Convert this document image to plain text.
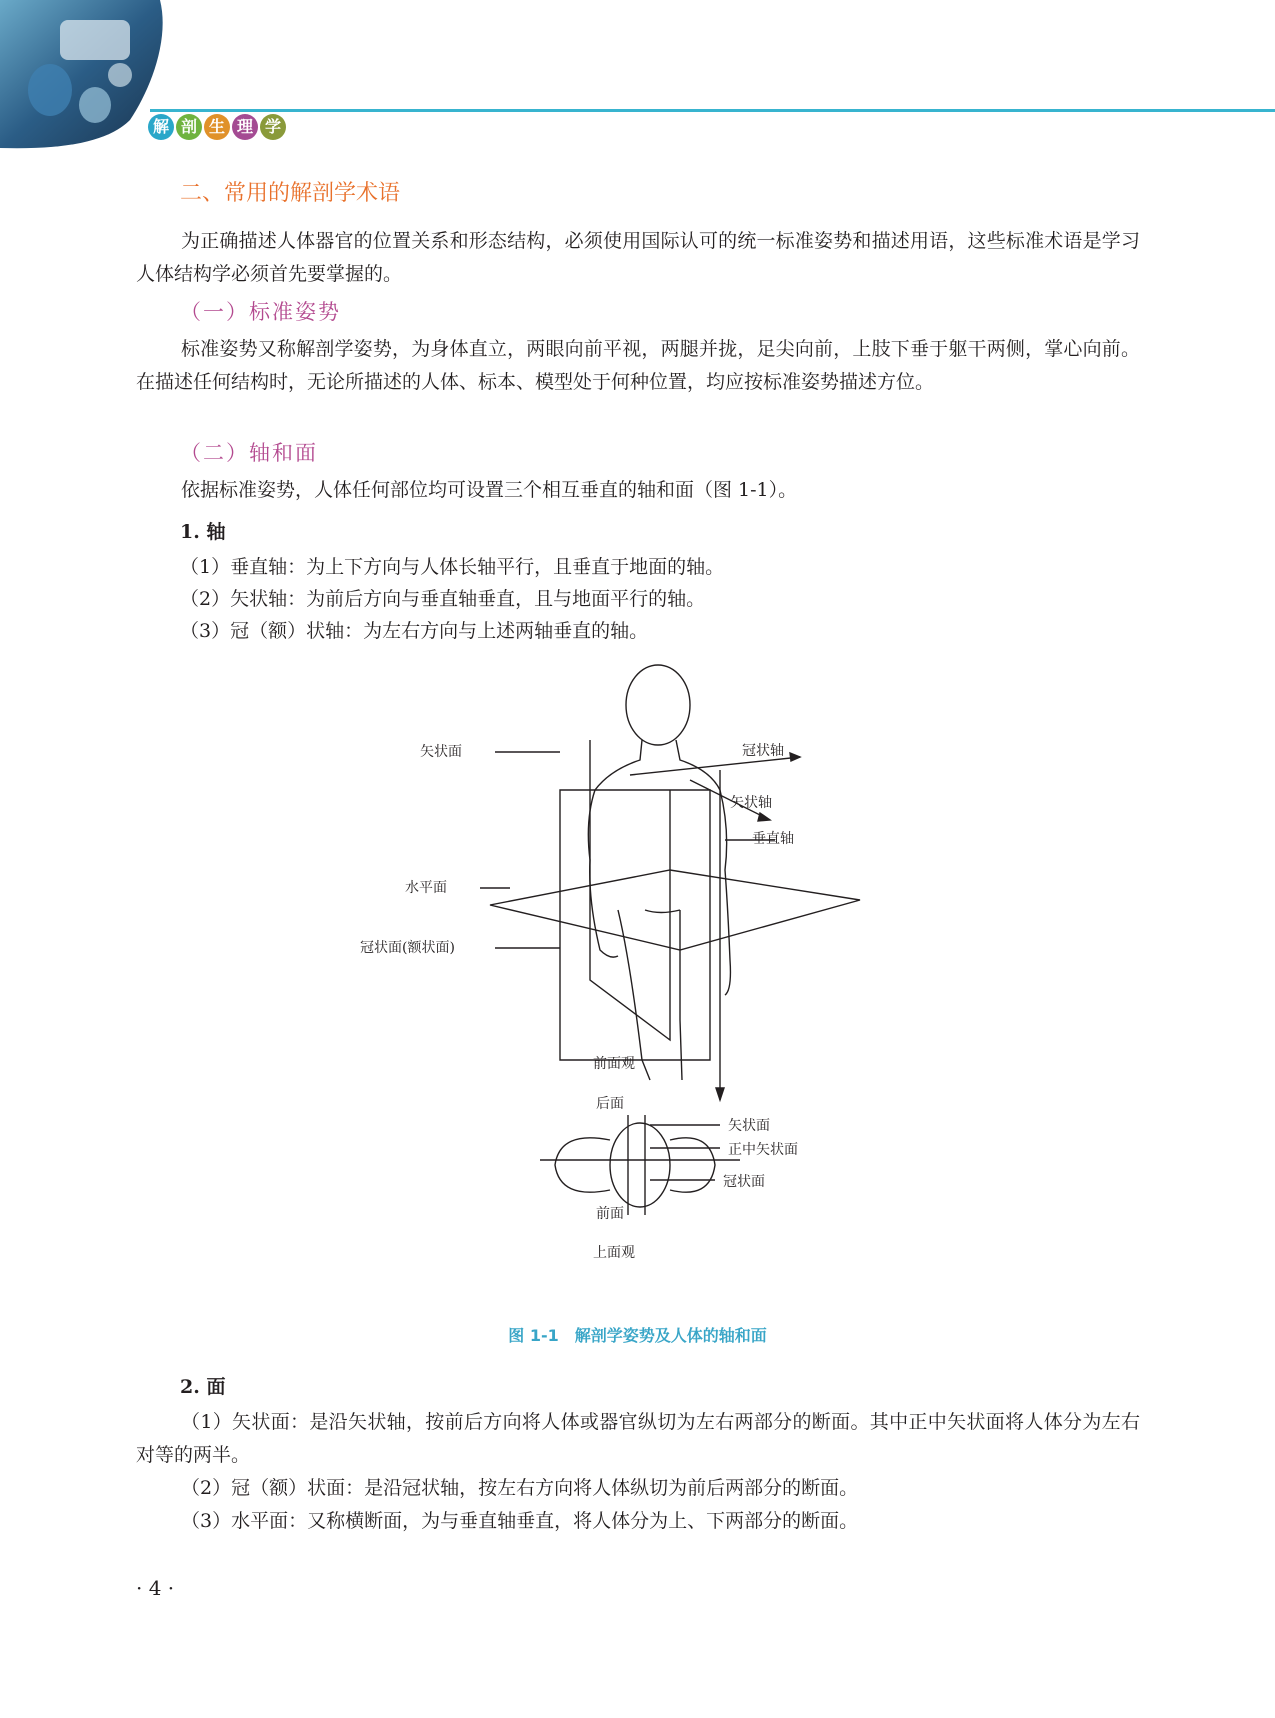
解 剖 生 理 学
二、常用的解剖学术语

为正确描述人体器官的位置关系和形态结构，必须使用国际认可的统一标准姿势和描述用语，这些标准术语是学习人体结构学必须首先要掌握的。

（一）标准姿势

标准姿势又称解剖学姿势，为身体直立，两眼向前平视，两腿并拢，足尖向前，上肢下垂于躯干两侧，掌心向前。在描述任何结构时，无论所描述的人体、标本、模型处于何种位置，均应按标准姿势描述方位。

（二）轴和面

依据标准姿势，人体任何部位均可设置三个相互垂直的轴和面（图 1-1）。

1. 轴
（1）垂直轴：为上下方向与人体长轴平行，且垂直于地面的轴。
（2）矢状轴：为前后方向与垂直轴垂直，且与地面平行的轴。
（3）冠（额）状轴：为左右方向与上述两轴垂直的轴。
矢状面	冠状轴
矢状轴
垂直轴
水平面
冠状面(额状面)
前面观
后面
矢状面
正中矢状面
冠状面
前面
上面观
图 1-1　解剖学姿势及人体的轴和面
2. 面

（1）矢状面：是沿矢状轴，按前后方向将人体或器官纵切为左右两部分的断面。其中正中矢状面将人体分为左右对等的两半。

（2）冠（额）状面：是沿冠状轴，按左右方向将人体纵切为前后两部分的断面。

（3）水平面：又称横断面，为与垂直轴垂直，将人体分为上、下两部分的断面。

· 4 ·
